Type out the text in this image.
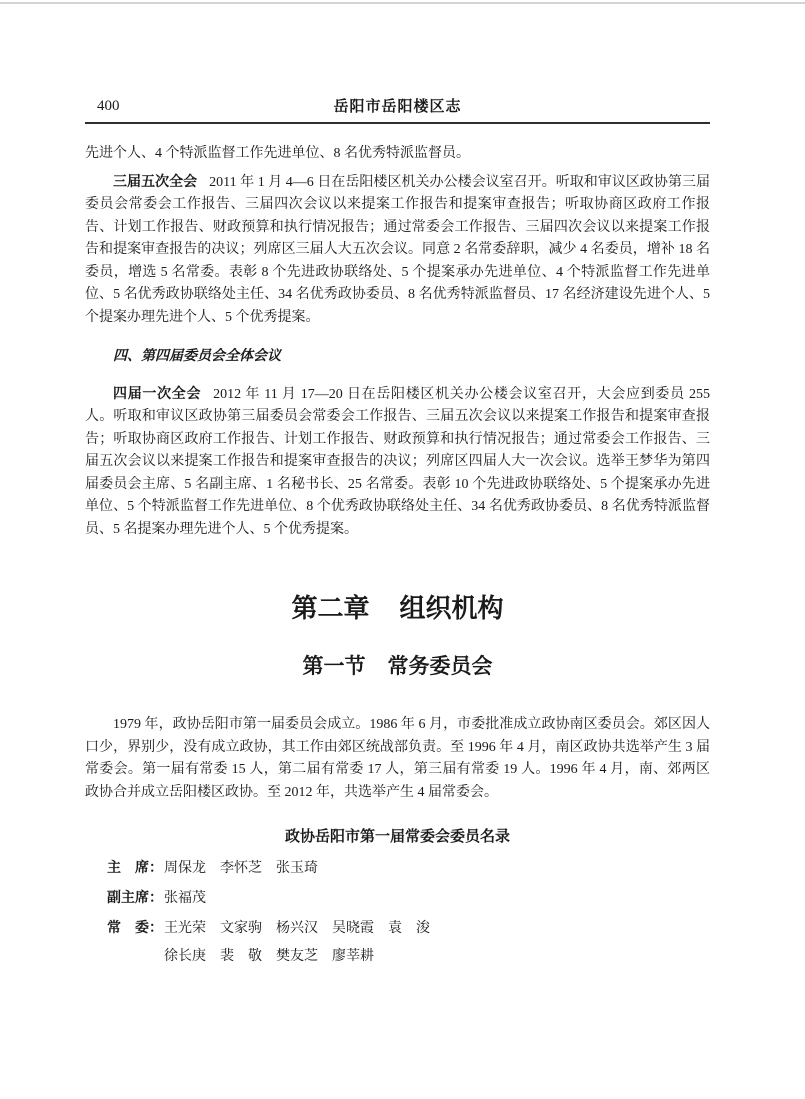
400	岳阳市岳阳楼区志

先进个人、4 个特派监督工作先进单位、8 名优秀特派监督员。

三届五次全会 2011 年 1 月 4—6 日在岳阳楼区机关办公楼会议室召开。听取和审议区政协第三届委员会常委会工作报告、三届四次会议以来提案工作报告和提案审查报告；听取协商区政府工作报告、计划工作报告、财政预算和执行情况报告；通过常委会工作报告、三届四次会议以来提案工作报告和提案审查报告的决议；列席区三届人大五次会议。同意 2 名常委辞职，减少 4 名委员，增补 18 名委员，增选 5 名常委。表彰 8 个先进政协联络处、5 个提案承办先进单位、4 个特派监督工作先进单位、5 名优秀政协联络处主任、34 名优秀政协委员、8 名优秀特派监督员、17 名经济建设先进个人、5 个提案办理先进个人、5 个优秀提案。

四、第四届委员会全体会议

四届一次全会 2012 年 11 月 17—20 日在岳阳楼区机关办公楼会议室召开，大会应到委员 255 人。听取和审议区政协第三届委员会常委会工作报告、三届五次会议以来提案工作报告和提案审查报告；听取协商区政府工作报告、计划工作报告、财政预算和执行情况报告；通过常委会工作报告、三届五次会议以来提案工作报告和提案审查报告的决议；列席区四届人大一次会议。选举王梦华为第四届委员会主席、5 名副主席、1 名秘书长、25 名常委。表彰 10 个先进政协联络处、5 个提案承办先进单位、5 个特派监督工作先进单位、8 个优秀政协联络处主任、34 名优秀政协委员、8 名优秀特派监督员、5 名提案办理先进个人、5 个优秀提案。

第二章 组织机构
第一节 常务委员会

1979 年，政协岳阳市第一届委员会成立。1986 年 6 月，市委批准成立政协南区委员会。郊区因人口少，界别少，没有成立政协，其工作由郊区统战部负责。至 1996 年 4 月，南区政协共选举产生 3 届常委会。第一届有常委 15 人，第二届有常委 17 人，第三届有常委 19 人。1996 年 4 月，南、郊两区政协合并成立岳阳楼区政协。至 2012 年，共选举产生 4 届常委会。

政协岳阳市第一届常委会委员名录
主　席：周保龙　李怀芝　张玉琦
副主席：张福茂
常　委：王光荣　文家驹　杨兴汉　吴晓霞　袁　浚
徐长庚　裴　敬　樊友芝　廖莘耕
